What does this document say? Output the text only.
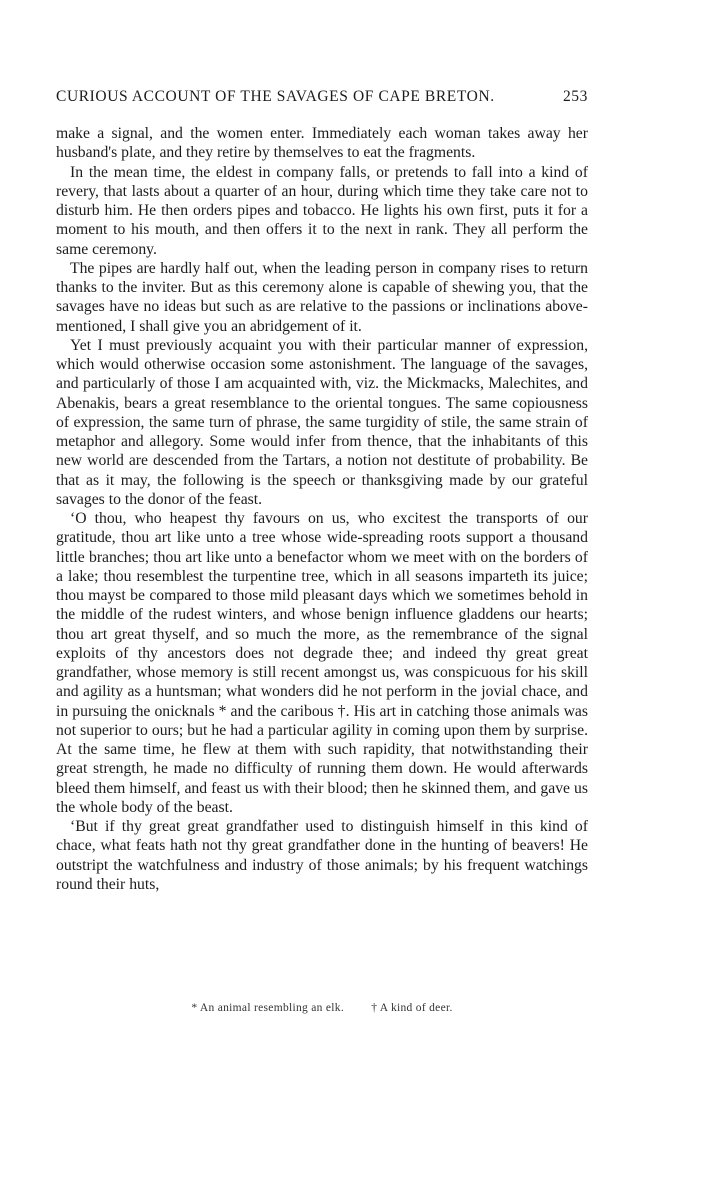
CURIOUS ACCOUNT OF THE SAVAGES OF CAPE BRETON.	253

make a signal, and the women enter. Immediately each woman takes away her husband's plate, and they retire by themselves to eat the fragments.

In the mean time, the eldest in company falls, or pretends to fall into a kind of revery, that lasts about a quarter of an hour, during which time they take care not to disturb him. He then orders pipes and tobacco. He lights his own first, puts it for a moment to his mouth, and then offers it to the next in rank. They all perform the same ceremony.

The pipes are hardly half out, when the leading person in company rises to return thanks to the inviter. But as this ceremony alone is capable of shewing you, that the savages have no ideas but such as are relative to the passions or inclinations above-mentioned, I shall give you an abridgement of it.

Yet I must previously acquaint you with their particular manner of expression, which would otherwise occasion some astonishment. The language of the savages, and particularly of those I am acquainted with, viz. the Mickmacks, Malechites, and Abenakis, bears a great resemblance to the oriental tongues. The same copiousness of expression, the same turn of phrase, the same turgidity of stile, the same strain of metaphor and allegory. Some would infer from thence, that the inhabitants of this new world are descended from the Tartars, a notion not destitute of probability. Be that as it may, the following is the speech or thanksgiving made by our grateful savages to the donor of the feast.

‘O thou, who heapest thy favours on us, who excitest the transports of our gratitude, thou art like unto a tree whose wide-spreading roots support a thousand little branches; thou art like unto a benefactor whom we meet with on the borders of a lake; thou resemblest the turpentine tree, which in all seasons imparteth its juice; thou mayst be compared to those mild pleasant days which we sometimes behold in the middle of the rudest winters, and whose benign influence gladdens our hearts; thou art great thyself, and so much the more, as the remembrance of the signal exploits of thy ancestors does not degrade thee; and indeed thy great great grandfather, whose memory is still recent amongst us, was conspicuous for his skill and agility as a huntsman; what wonders did he not perform in the jovial chace, and in pursuing the onicknals * and the caribous †. His art in catching those animals was not superior to ours; but he had a particular agility in coming upon them by surprise. At the same time, he flew at them with such rapidity, that notwithstanding their great strength, he made no difficulty of running them down. He would afterwards bleed them himself, and feast us with their blood; then he skinned them, and gave us the whole body of the beast.

‘But if thy great great grandfather used to distinguish himself in this kind of chace, what feats hath not thy great grandfather done in the hunting of beavers! He outstript the watchfulness and industry of those animals; by his frequent watchings round their huts,

* An animal resembling an elk. † A kind of deer.
